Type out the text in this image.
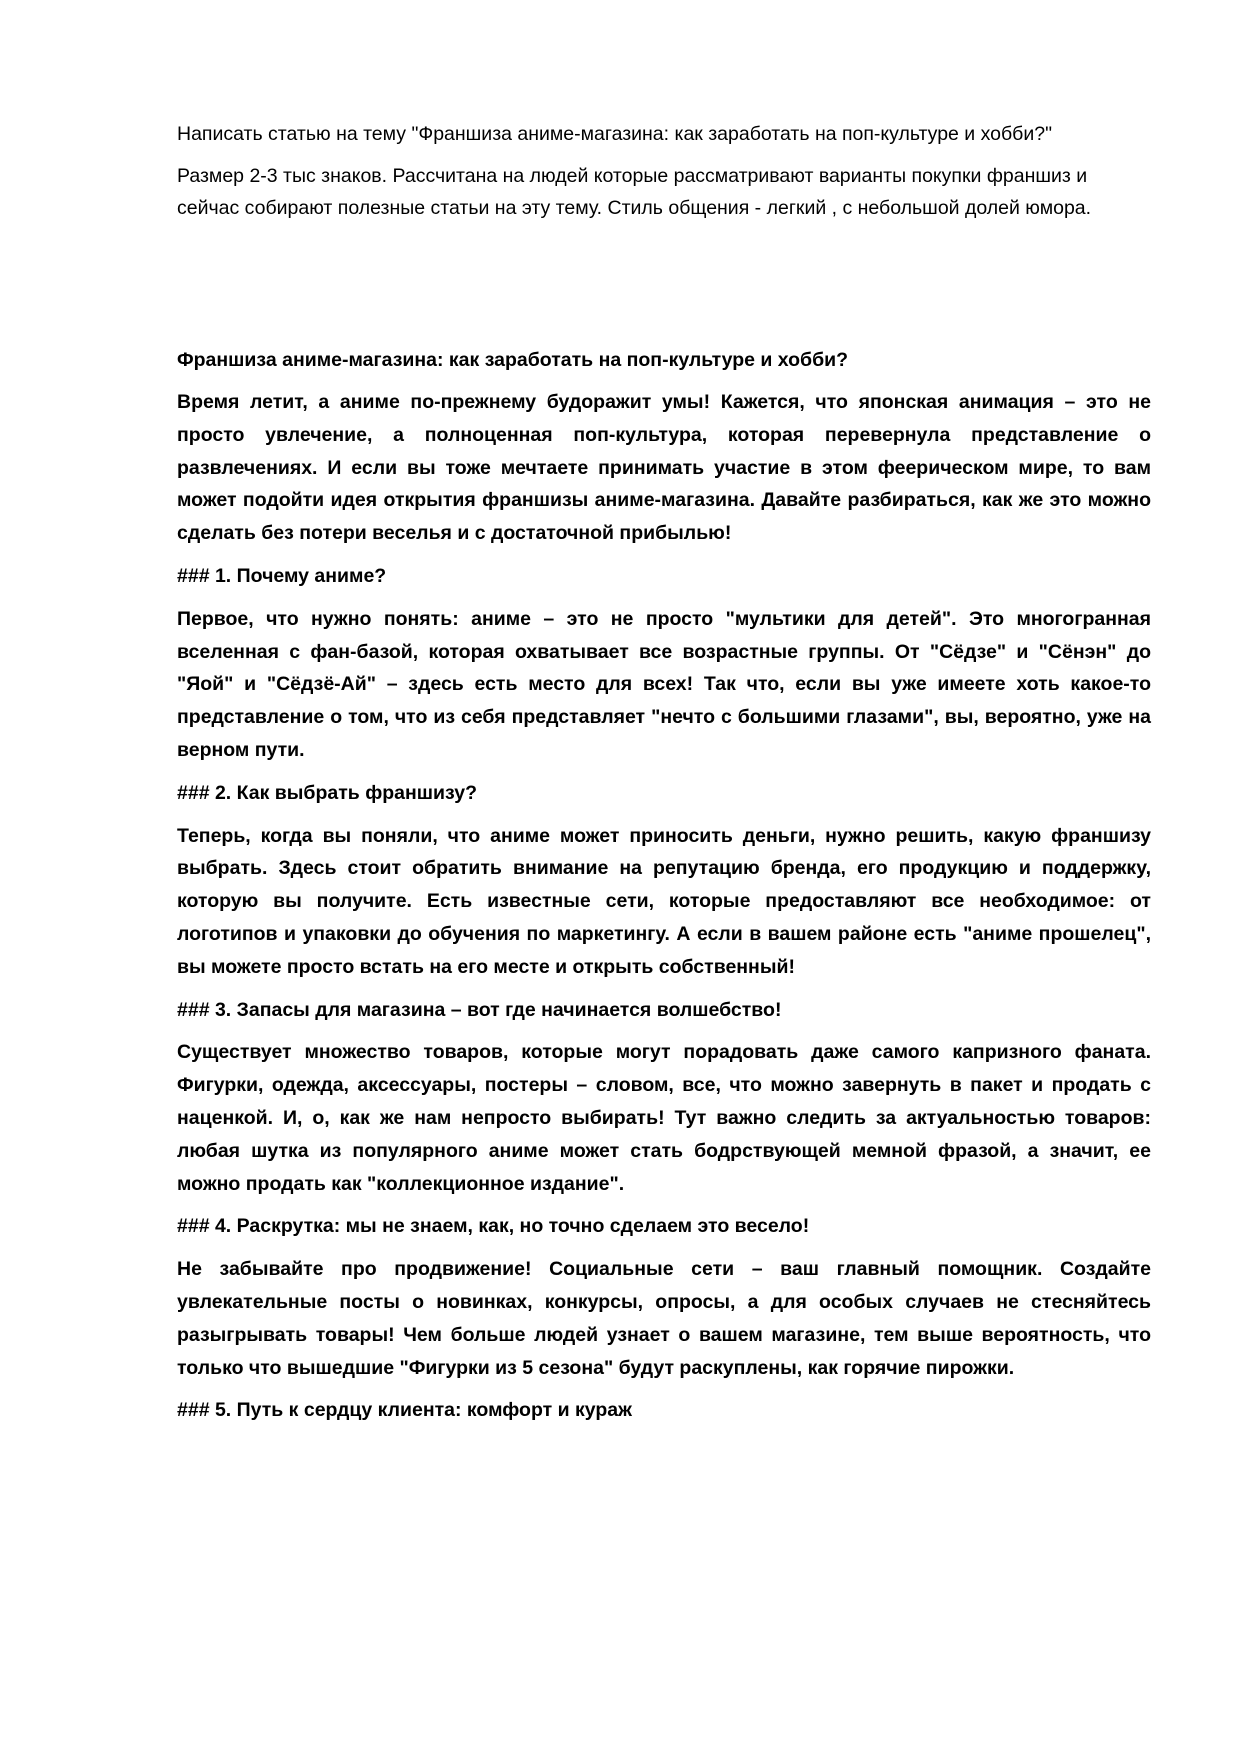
Написать статью на тему "Франшиза аниме-магазина: как заработать на поп-культуре и хобби?"

Размер 2-3 тыс знаков. Рассчитана на людей которые рассматривают варианты покупки франшиз и сейчас собирают полезные статьи на эту тему. Стиль общения - легкий , с небольшой долей юмора.

Франшиза аниме-магазина: как заработать на поп-культуре и хобби?

Время летит, а аниме по-прежнему будоражит умы! Кажется, что японская анимация – это не просто увлечение, а полноценная поп-культура, которая перевернула представление о развлечениях. И если вы тоже мечтаете принимать участие в этом феерическом мире, то вам может подойти идея открытия франшизы аниме-магазина. Давайте разбираться, как же это можно сделать без потери веселья и с достаточной прибылью!

### 1. Почему аниме?

Первое, что нужно понять: аниме – это не просто "мультики для детей". Это многогранная вселенная с фан-базой, которая охватывает все возрастные группы. От "Сёдзе" и "Сёнэн" до "Яой" и "Сёдзё-Ай" – здесь есть место для всех! Так что, если вы уже имеете хоть какое-то представление о том, что из себя представляет "нечто с большими глазами", вы, вероятно, уже на верном пути.

### 2. Как выбрать франшизу?

Теперь, когда вы поняли, что аниме может приносить деньги, нужно решить, какую франшизу выбрать. Здесь стоит обратить внимание на репутацию бренда, его продукцию и поддержку, которую вы получите. Есть известные сети, которые предоставляют все необходимое: от логотипов и упаковки до обучения по маркетингу. А если в вашем районе есть "аниме прошелец", вы можете просто встать на его месте и открыть собственный!

### 3. Запасы для магазина – вот где начинается волшебство!

Существует множество товаров, которые могут порадовать даже самого капризного фаната. Фигурки, одежда, аксессуары, постеры – словом, все, что можно завернуть в пакет и продать с наценкой. И, о, как же нам непросто выбирать! Тут важно следить за актуальностью товаров: любая шутка из популярного аниме может стать бодрствующей мемной фразой, а значит, ее можно продать как "коллекционное издание".

### 4. Раскрутка: мы не знаем, как, но точно сделаем это весело!

Не забывайте про продвижение! Социальные сети – ваш главный помощник. Создайте увлекательные посты о новинках, конкурсы, опросы, а для особых случаев не стесняйтесь разыгрывать товары! Чем больше людей узнает о вашем магазине, тем выше вероятность, что только что вышедшие "Фигурки из 5 сезона" будут раскуплены, как горячие пирожки.

### 5. Путь к сердцу клиента: комфорт и кураж
